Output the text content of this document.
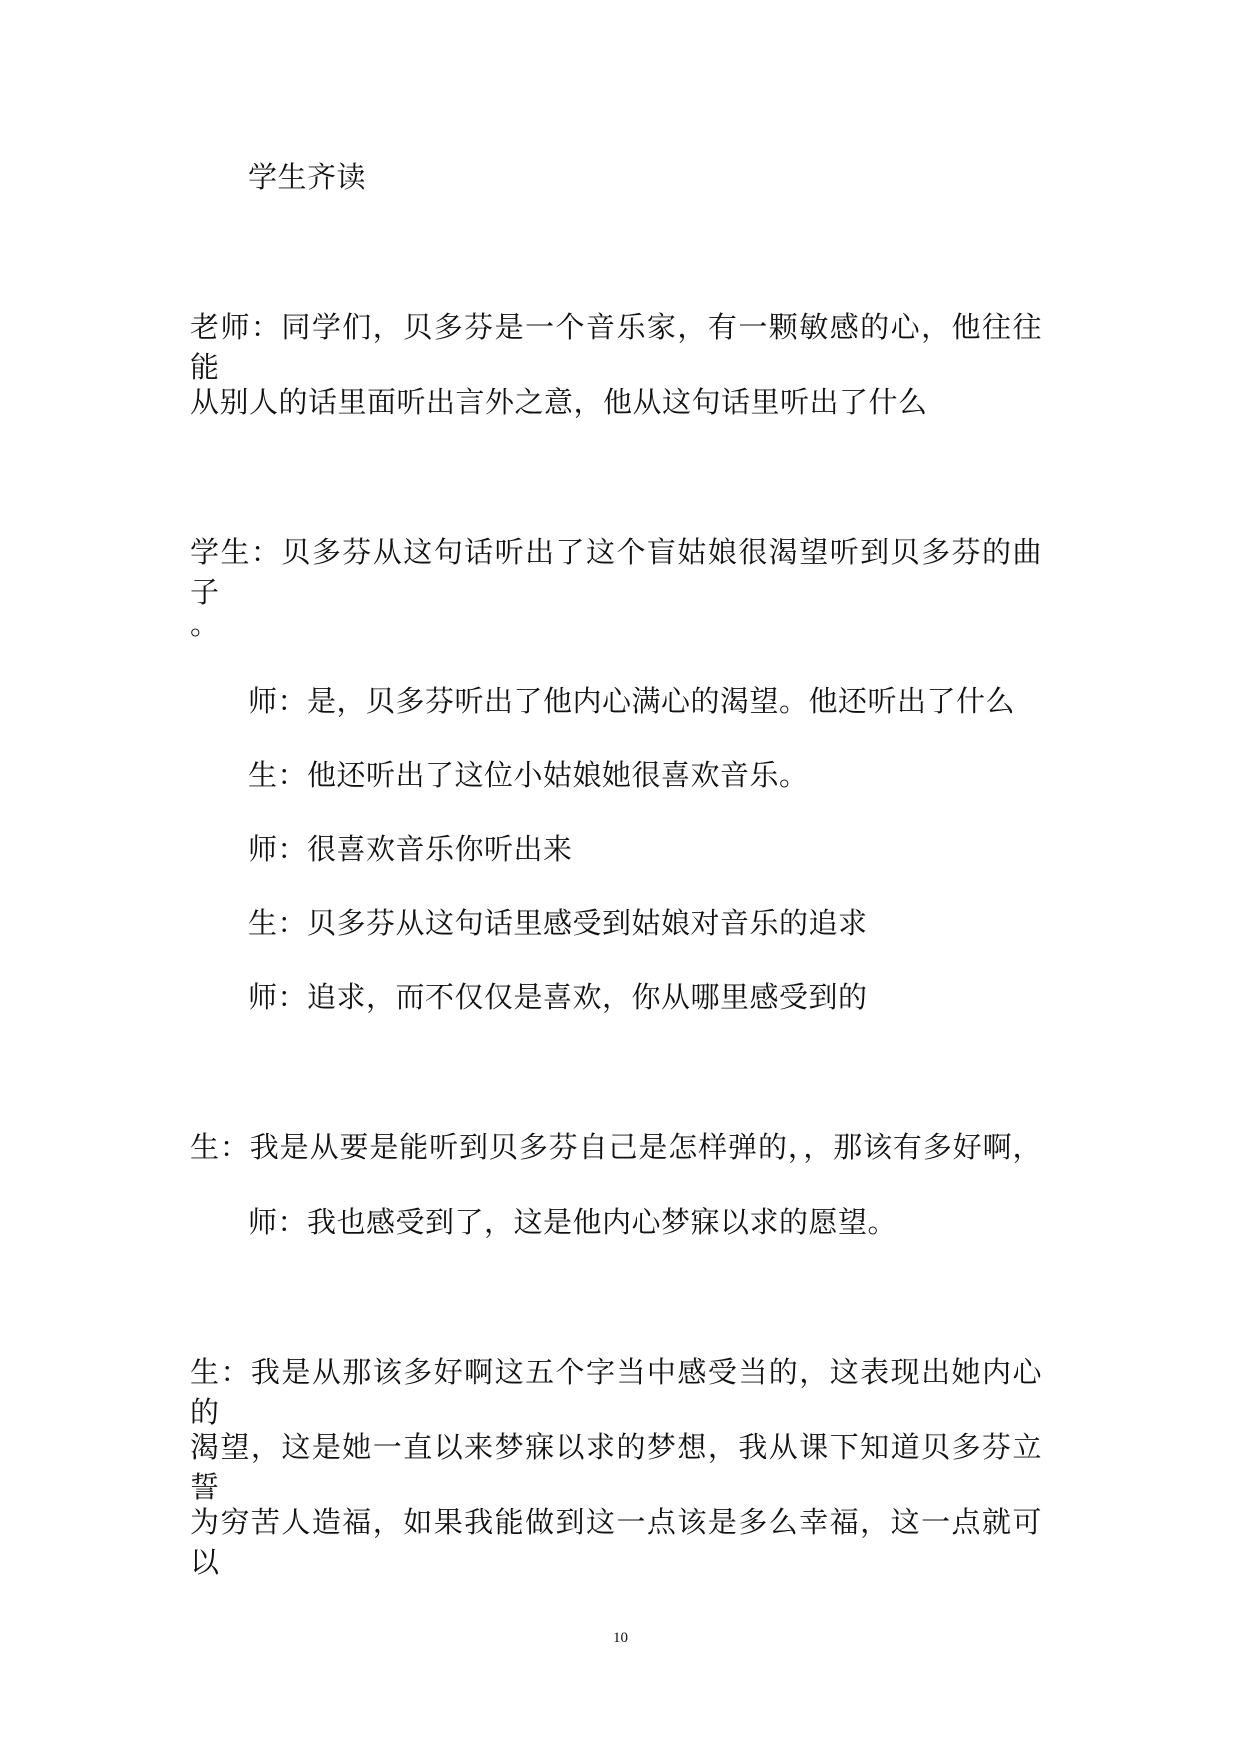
学生齐读
老师：同学们，贝多芬是一个音乐家，有一颗敏感的心，他往往能
从别人的话里面听出言外之意，他从这句话里听出了什么
学生：贝多芬从这句话听出了这个盲姑娘很渴望听到贝多芬的曲子
。
师：是，贝多芬听出了他内心满心的渴望。他还听出了什么
生：他还听出了这位小姑娘她很喜欢音乐。
师：很喜欢音乐你听出来
生：贝多芬从这句话里感受到姑娘对音乐的追求
师：追求，而不仅仅是喜欢，你从哪里感受到的
生：我是从要是能听到贝多芬自己是怎样弹的，，那该有多好啊，
师：我也感受到了，这是他内心梦寐以求的愿望。
生：我是从那该多好啊这五个字当中感受当的，这表现出她内心的
渴望，这是她一直以来梦寐以求的梦想，我从课下知道贝多芬立誓
为穷苦人造福，如果我能做到这一点该是多么幸福，这一点就可以
10
